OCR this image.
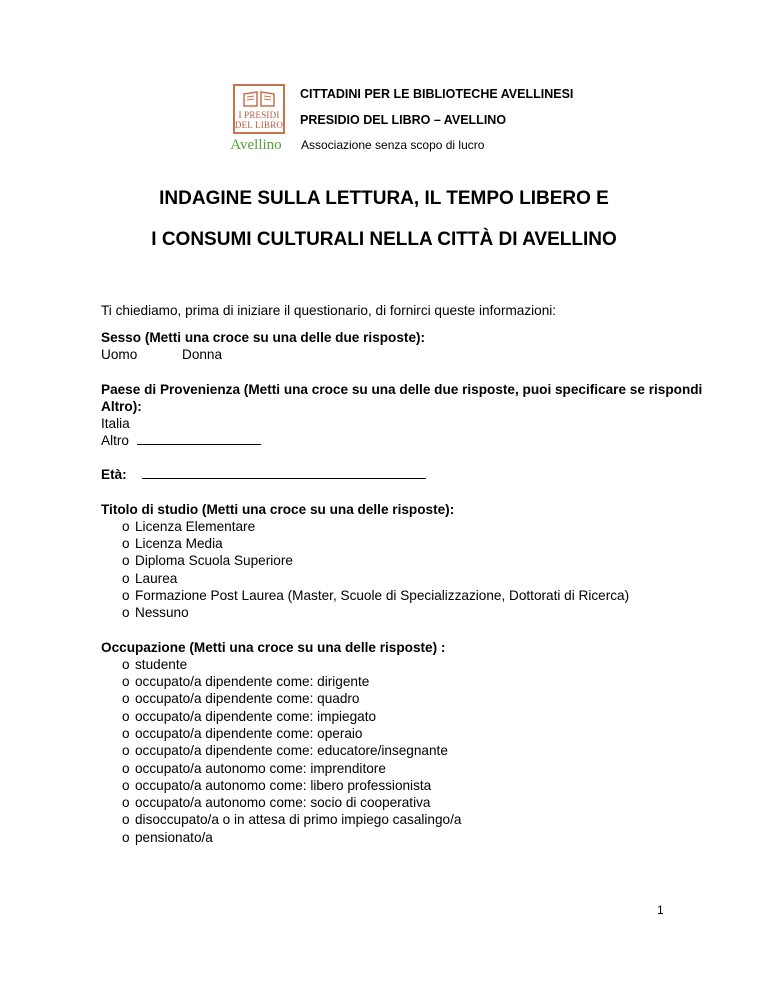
I PRESIDI
DEL LIBRO
Avellino
CITTADINI PER LE BIBLIOTECHE AVELLINESI
PRESIDIO DEL LIBRO – AVELLINO
Associazione senza scopo di lucro
INDAGINE SULLA LETTURA, IL TEMPO LIBERO E
I CONSUMI CULTURALI NELLA CITTÀ DI AVELLINO
Ti chiediamo, prima di iniziare il questionario, di fornirci queste informazioni:
Sesso (Metti una croce su una delle due risposte):
Uomo	Donna
Paese di Provenienza (Metti una croce su una delle due risposte, puoi specificare se rispondi
Altro):
Italia
Altro
Età:
Titolo di studio (Metti una croce su una delle risposte):
o Licenza Elementare
o Licenza Media
o Diploma Scuola Superiore
o Laurea
o Formazione Post Laurea (Master, Scuole di Specializzazione, Dottorati di Ricerca)
o Nessuno
Occupazione (Metti una croce su una delle risposte) :
o studente
o occupato/a dipendente come: dirigente
o occupato/a dipendente come: quadro
o occupato/a dipendente come: impiegato
o occupato/a dipendente come: operaio
o occupato/a dipendente come: educatore/insegnante
o occupato/a autonomo come: imprenditore
o occupato/a autonomo come: libero professionista
o occupato/a autonomo come: socio di cooperativa
o disoccupato/a o in attesa di primo impiego casalingo/a
o pensionato/a
1
